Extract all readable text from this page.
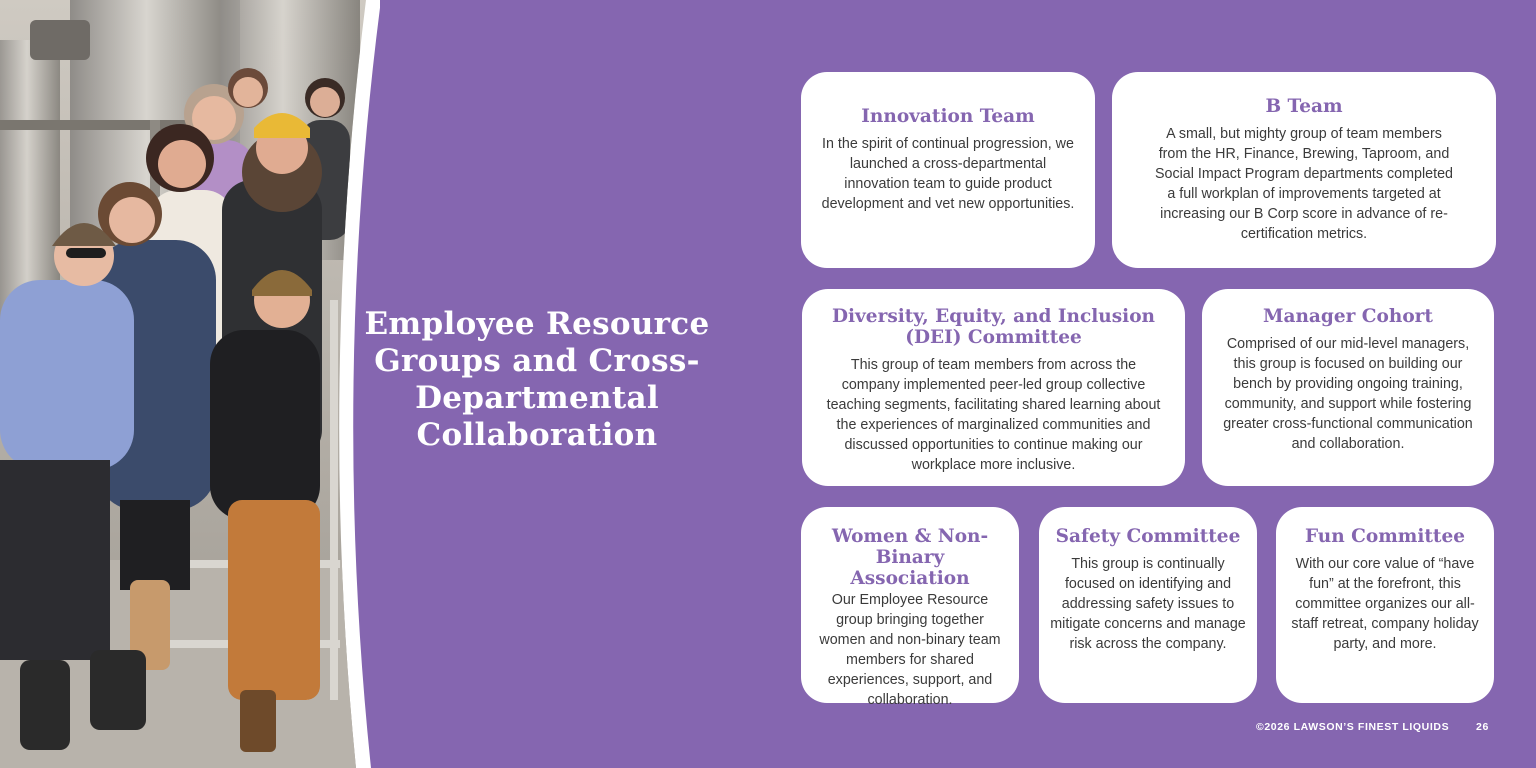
Employee Resource Groups and Cross-Departmental Collaboration
Innovation Team

In the spirit of continual progression, we launched a cross-departmental innovation team to guide product development and vet new opportunities.

B Team

A small, but mighty group of team members from the HR, Finance, Brewing, Taproom, and Social Impact Program departments completed a full workplan of improvements targeted at increasing our B Corp score in advance of re-certification metrics.

Diversity, Equity, and Inclusion (DEI) Committee

This group of team members from across the company implemented peer-led group collective teaching segments, facilitating shared learning about the experiences of marginalized communities and discussed opportunities to continue making our workplace more inclusive.

Manager Cohort

Comprised of our mid-level managers, this group is focused on building our bench by providing ongoing training, community, and support while fostering greater cross-functional communication and collaboration.

Women & Non-Binary Association

Our Employee Resource group bringing together women and non-binary team members for shared experiences, support, and collaboration.

Safety Committee

This group is continually focused on identifying and addressing safety issues to mitigate concerns and manage risk across the company.

Fun Committee

With our core value of “have fun” at the forefront, this committee organizes our all-staff retreat, company holiday party, and more.

©2026 LAWSON’S FINEST LIQUIDS	26
